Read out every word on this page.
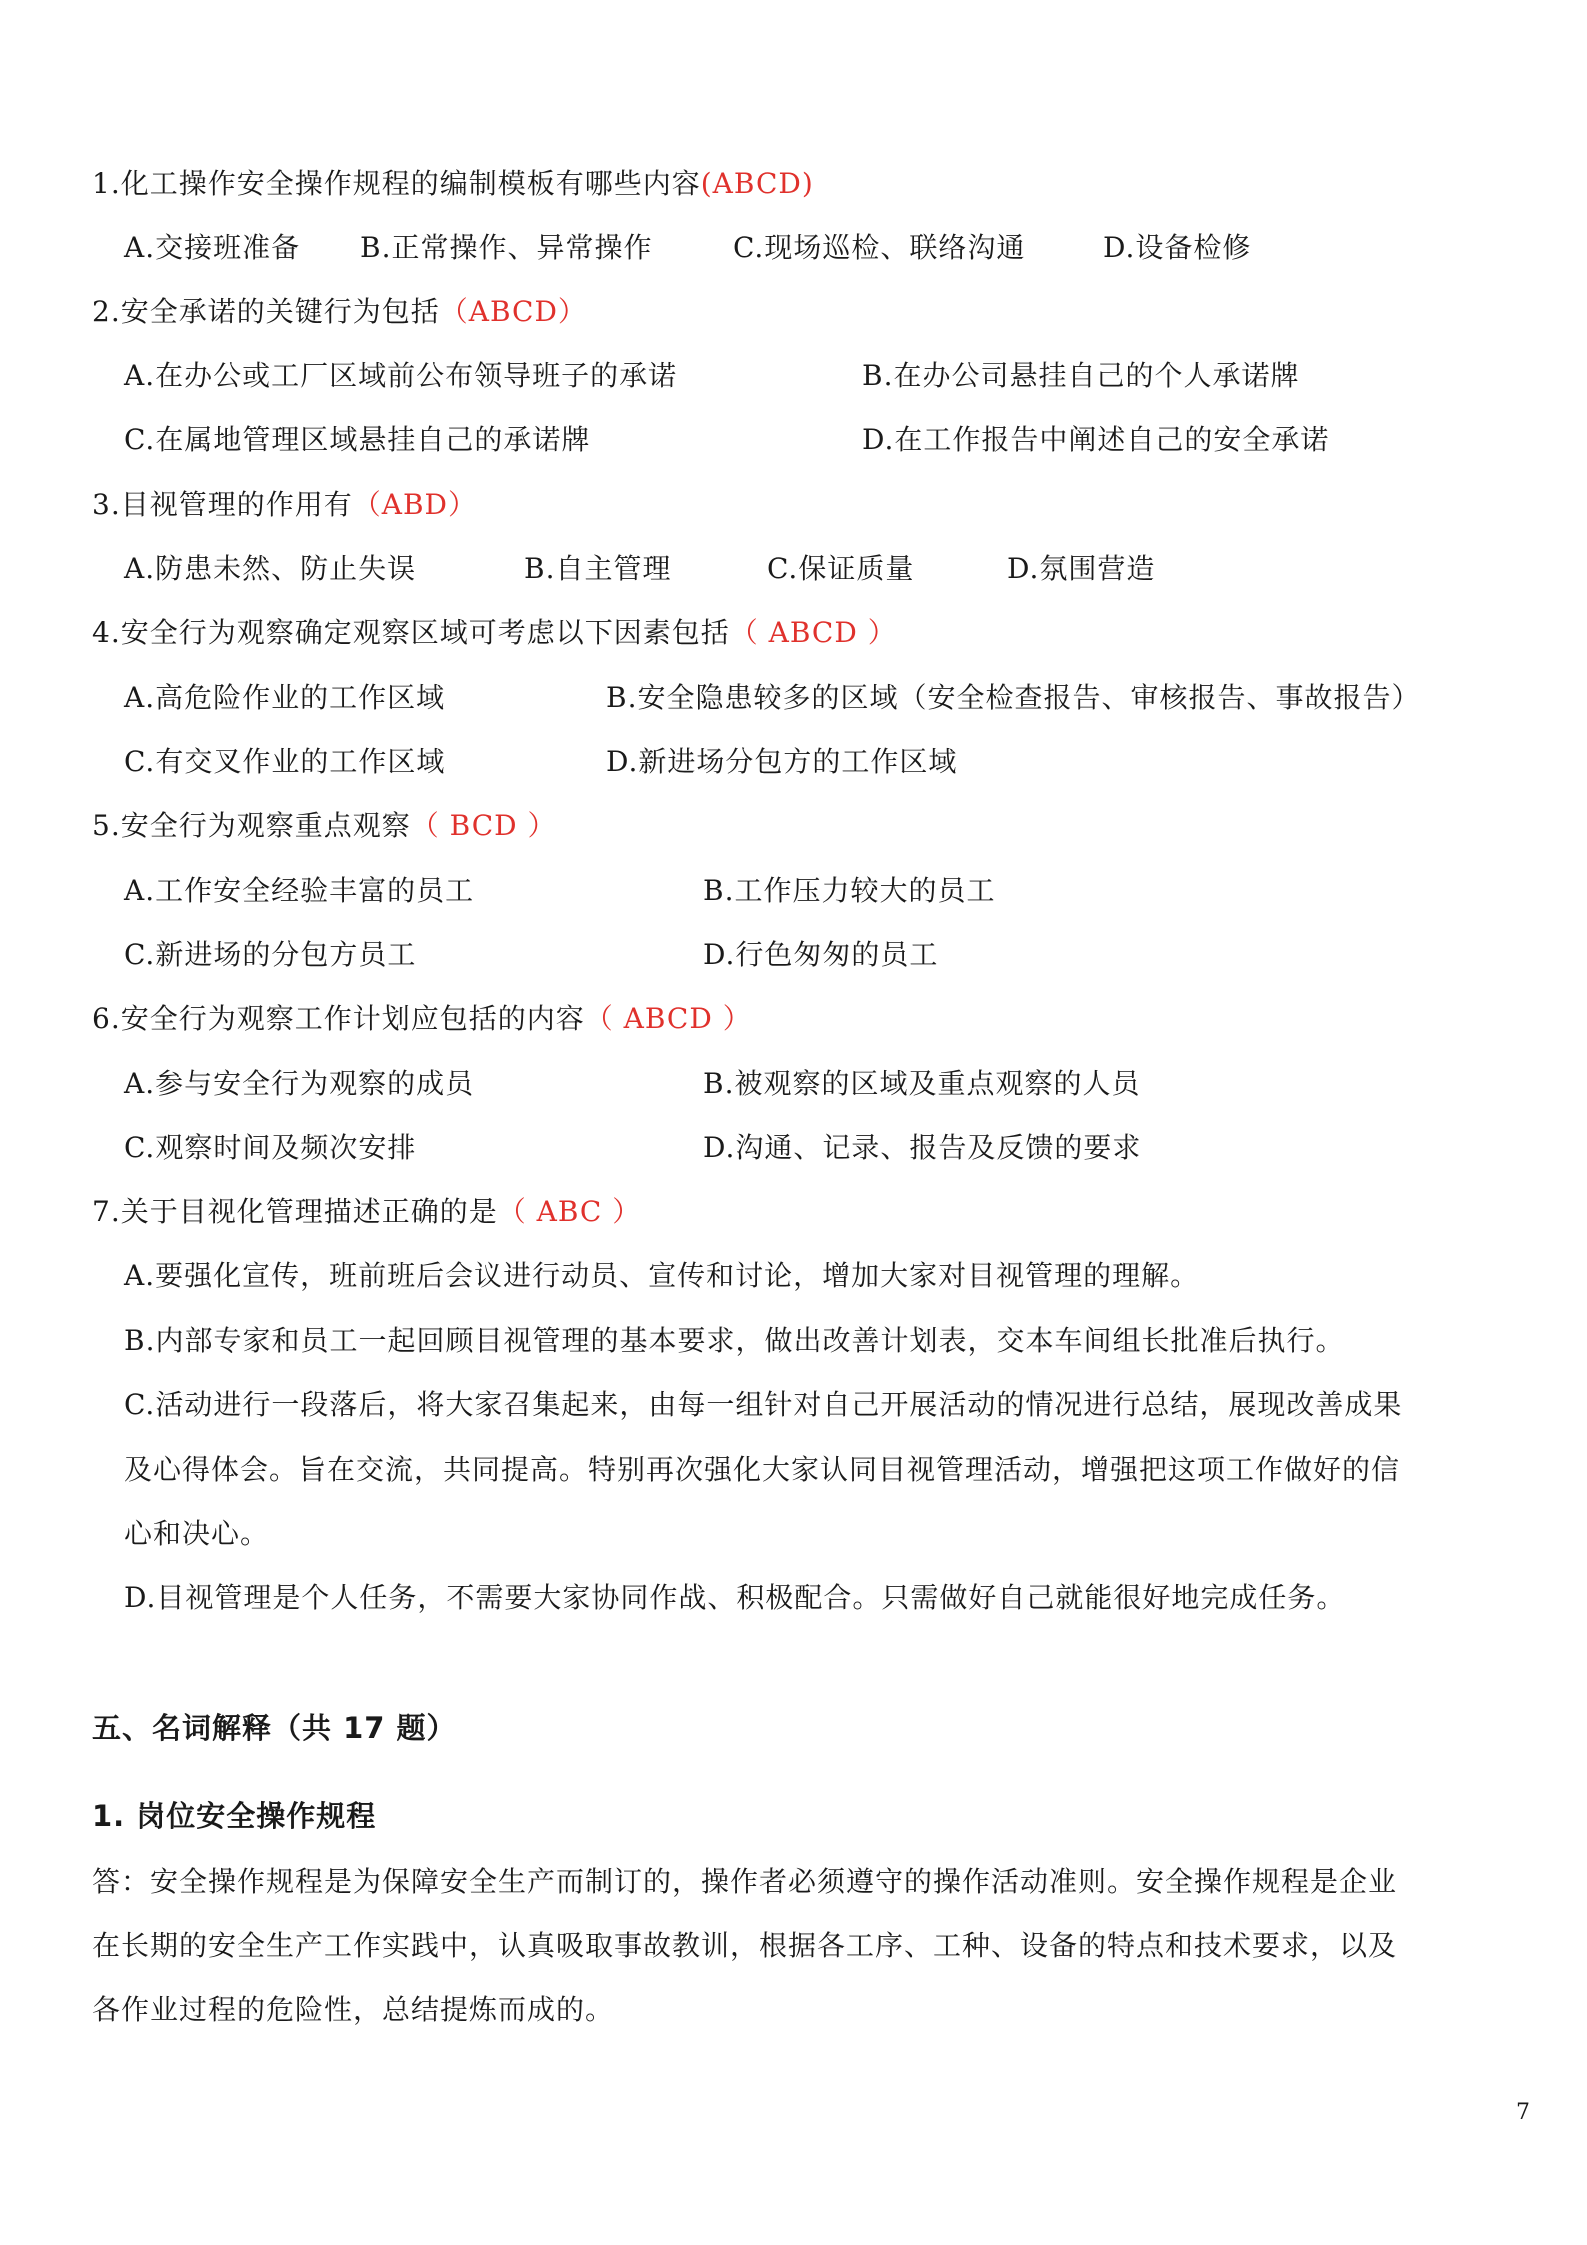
1.化工操作安全操作规程的编制模板有哪些内容(ABCD)
A.交接班准备 B.正常操作、异常操作	C.现场巡检、联络沟通	D.设备检修
2.安全承诺的关键行为包括（ABCD）
A.在办公或工厂区域前公布领导班子的承诺	B.在办公司悬挂自己的个人承诺牌
C.在属地管理区域悬挂自己的承诺牌	D.在工作报告中阐述自己的安全承诺
3.目视管理的作用有（ABD）
A.防患未然、防止失误	B.自主管理	C.保证质量	D.氛围营造
4.安全行为观察确定观察区域可考虑以下因素包括（ ABCD ）
A.高危险作业的工作区域	B.安全隐患较多的区域（安全检查报告、审核报告、事故报告）
C.有交叉作业的工作区域	D.新进场分包方的工作区域
5.安全行为观察重点观察（ BCD ）
A.工作安全经验丰富的员工	B.工作压力较大的员工
C.新进场的分包方员工	D.行色匆匆的员工
6.安全行为观察工作计划应包括的内容（ ABCD ）
A.参与安全行为观察的成员	B.被观察的区域及重点观察的人员
C.观察时间及频次安排	D.沟通、记录、报告及反馈的要求
7.关于目视化管理描述正确的是（ ABC ）
A.要强化宣传，班前班后会议进行动员、宣传和讨论，增加大家对目视管理的理解。
B.内部专家和员工一起回顾目视管理的基本要求，做出改善计划表，交本车间组长批准后执行。
C.活动进行一段落后，将大家召集起来，由每一组针对自己开展活动的情况进行总结，展现改善成果
及心得体会。旨在交流，共同提高。特别再次强化大家认同目视管理活动，增强把这项工作做好的信
心和决心。
D.目视管理是个人任务，不需要大家协同作战、积极配合。只需做好自己就能很好地完成任务。
五、名词解释（共 17 题）
1. 岗位安全操作规程
答：安全操作规程是为保障安全生产而制订的，操作者必须遵守的操作活动准则。安全操作规程是企业
在长期的安全生产工作实践中，认真吸取事故教训，根据各工序、工种、设备的特点和技术要求，以及
各作业过程的危险性，总结提炼而成的。
7
